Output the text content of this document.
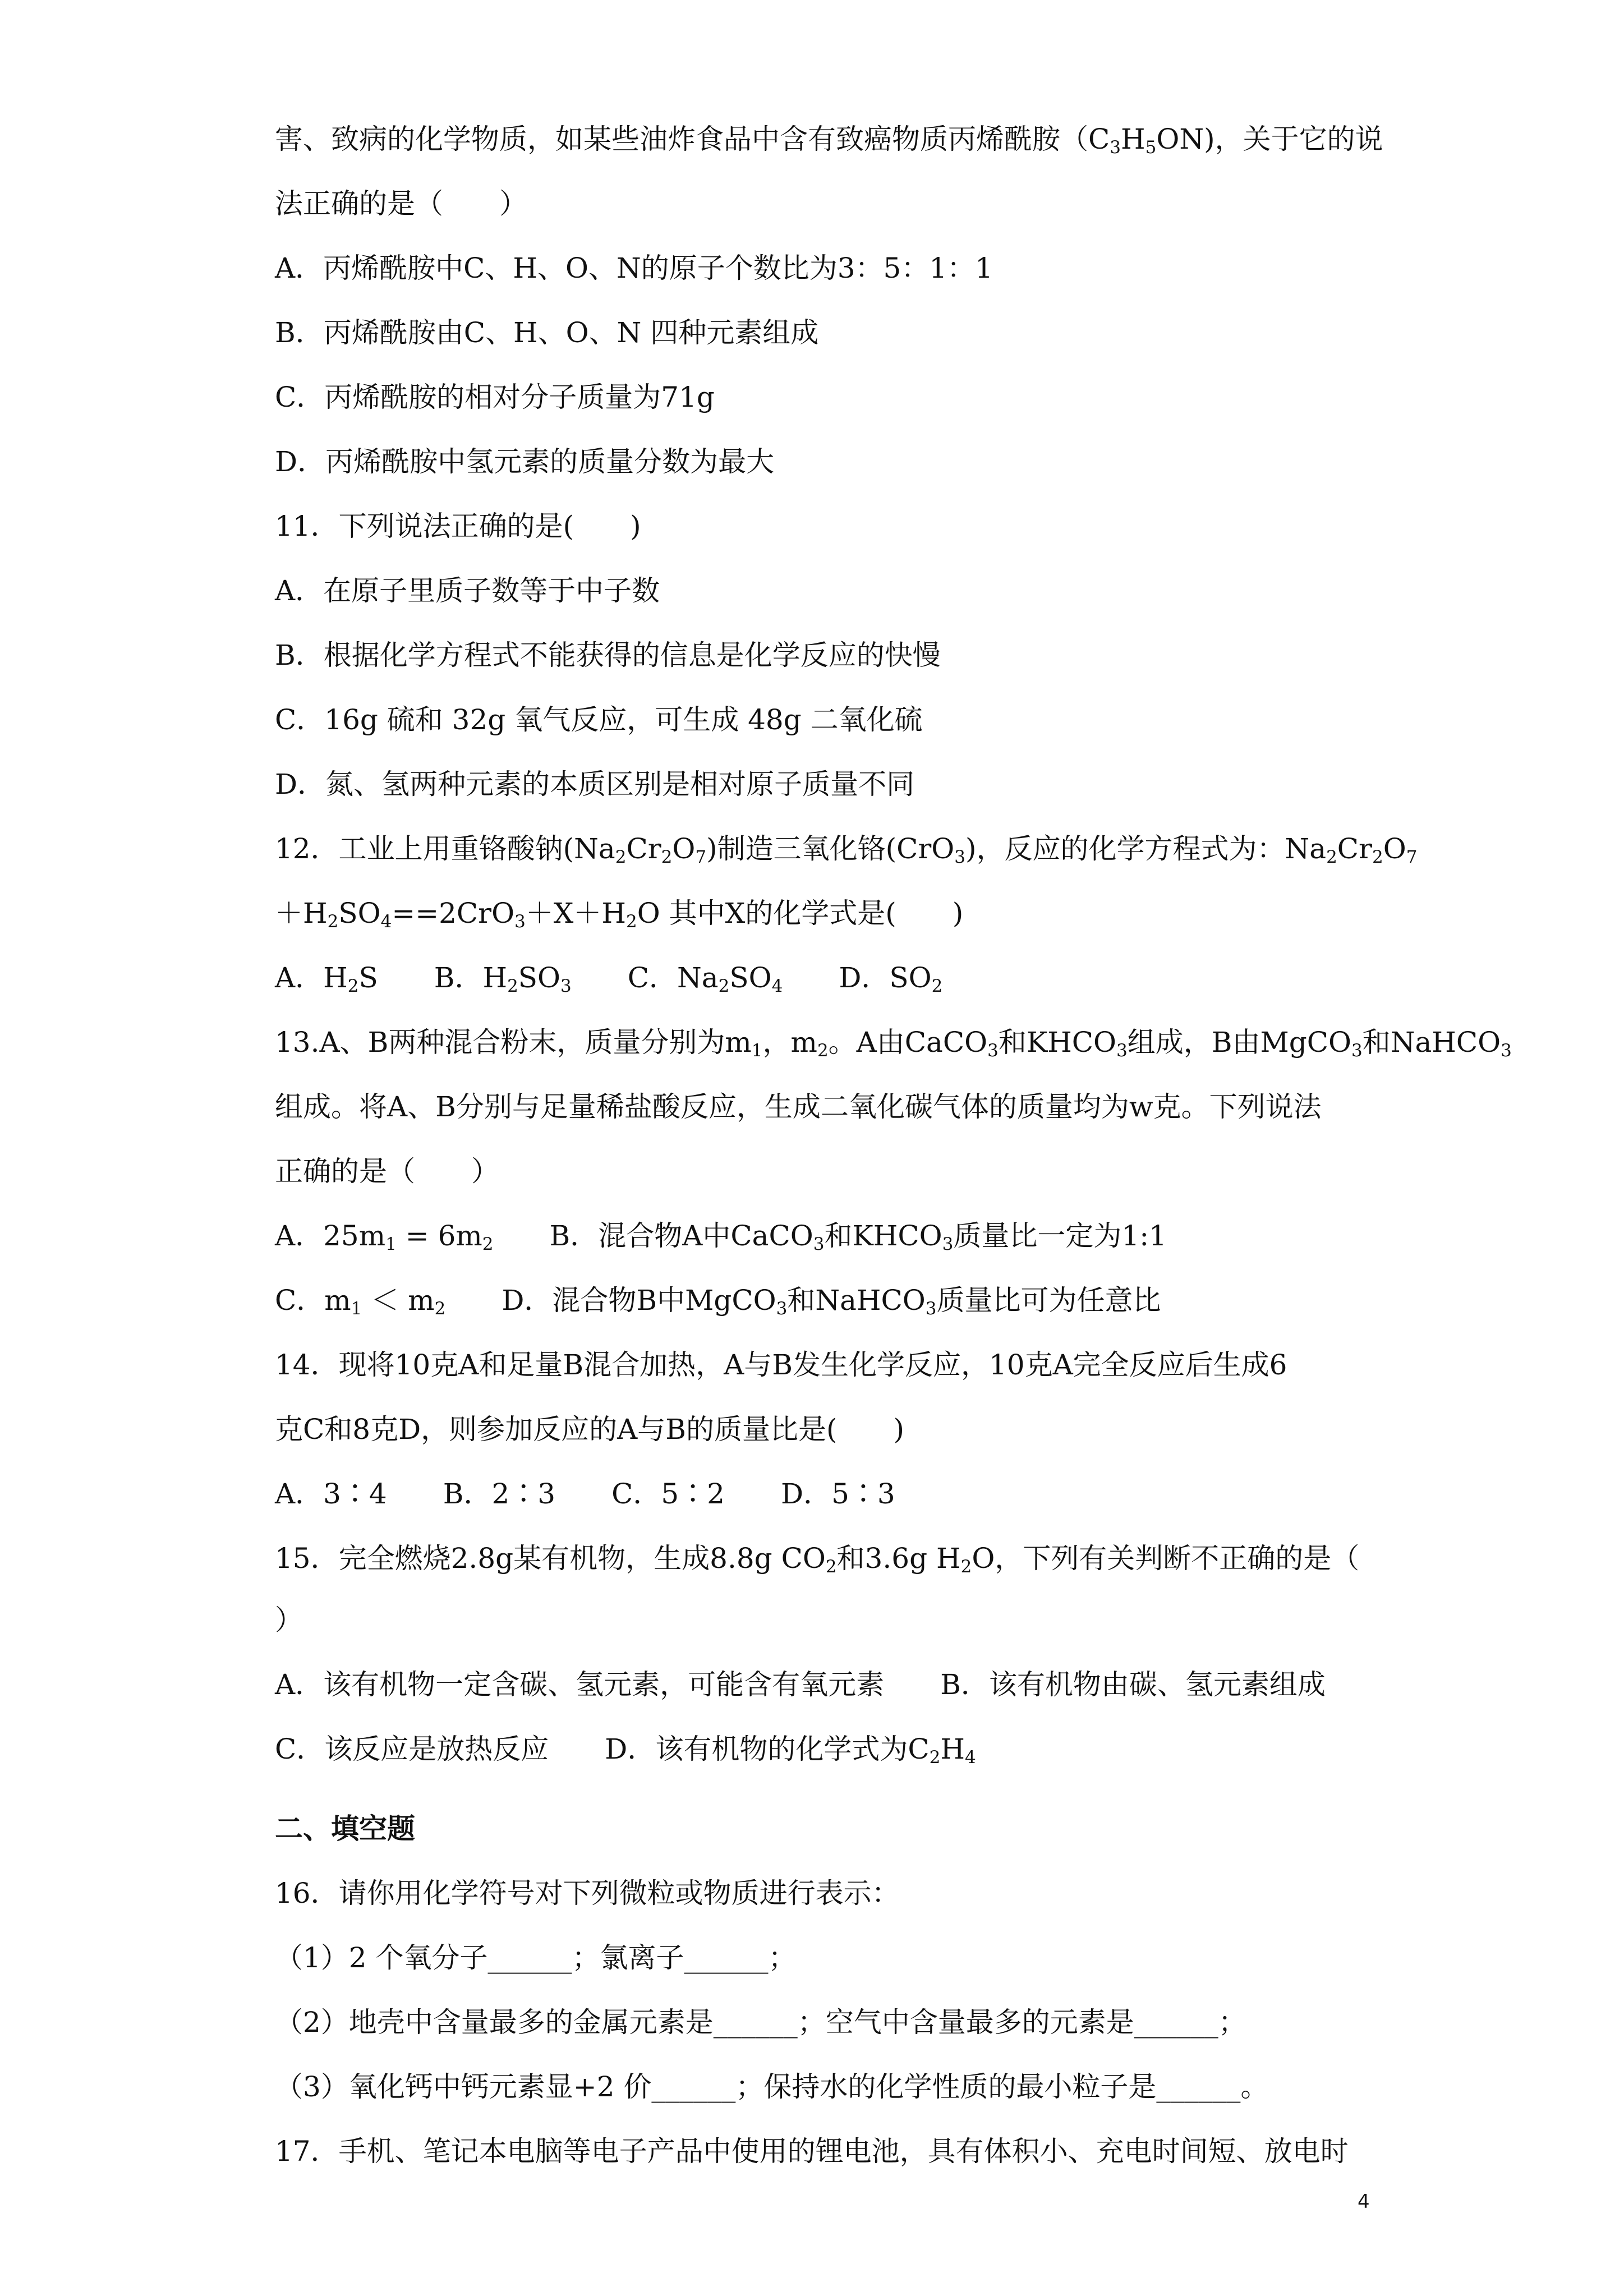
害、致病的化学物质，如某些油炸食品中含有致癌物质丙烯酰胺$(C_3H_5ON)$，关于它的说
法正确的是（　　）
A．丙烯酰胺中C、H、O、N的原子个数比为3：5：1：1
B．丙烯酰胺由C、H、O、N 四种元素组成
C．丙烯酰胺的相对分子质量为71g
D．丙烯酰胺中氢元素的质量分数为最大
11．下列说法正确的是(　　)
A．在原子里质子数等于中子数
B．根据化学方程式不能获得的信息是化学反应的快慢
C．16g 硫和 32g 氧气反应，可生成 48g 二氧化硫
D．氮、氢两种元素的本质区别是相对原子质量不同
12．工业上用重铬酸钠$(Na_2Cr_2O_7)$制造三氧化铬(CrO$_3$)，反应的化学方程式为：$Na_2Cr_2O_7$
$+H_2SO_4==2CrO_3+X+H_2O$ 其中X的化学式是(　　)
A．$H_2S$　　B．$H_2SO_3$　　C．$Na_2SO_4$　　D．$SO_2$
13.A、B两种混合粉末，质量分别为$m_1$，$m_2$。A由CaCO$_3$和$KHCO_3$组成，B由MgCO$_3$和NaHCO$_3$
组成。将A、B分别与足量稀盐酸反应，生成二氧化碳气体的质量均为w克。下列说法
正确的是（　　）
A．$25m_1 = 6m_2$　　B．混合物A中CaCO$_3$和$KHCO_3$质量比一定为1:1
C．$m_1 < m_2$　　D．混合物B中MgCO$_3$和NaHCO$_3$质量比可为任意比
14．现将10克A和足量B混合加热，A与B发生化学反应，10克A完全反应后生成6
克C和8克D，则参加反应的A与B的质量比是(　　)
A．3∶4　　B．2∶3　　C．5∶2　　D．5∶3
15．完全燃烧2.8g某有机物，生成8.8g $CO_2$和3.6g $H_2O$，下列有关判断不正确的是（
）
A．该有机物一定含碳、氢元素，可能含有氧元素　　B．该有机物由碳、氢元素组成
C．该反应是放热反应　　D．该有机物的化学式为$C_2H_4$
二、填空题
16．请你用化学符号对下列微粒或物质进行表示：
（1）2 个氧分子______；氯离子______；
（2）地壳中含量最多的金属元素是______；空气中含量最多的元素是______；
（3）氧化钙中钙元素显+2 价______；保持水的化学性质的最小粒子是______。
17．手机、笔记本电脑等电子产品中使用的锂电池，具有体积小、充电时间短、放电时
4
